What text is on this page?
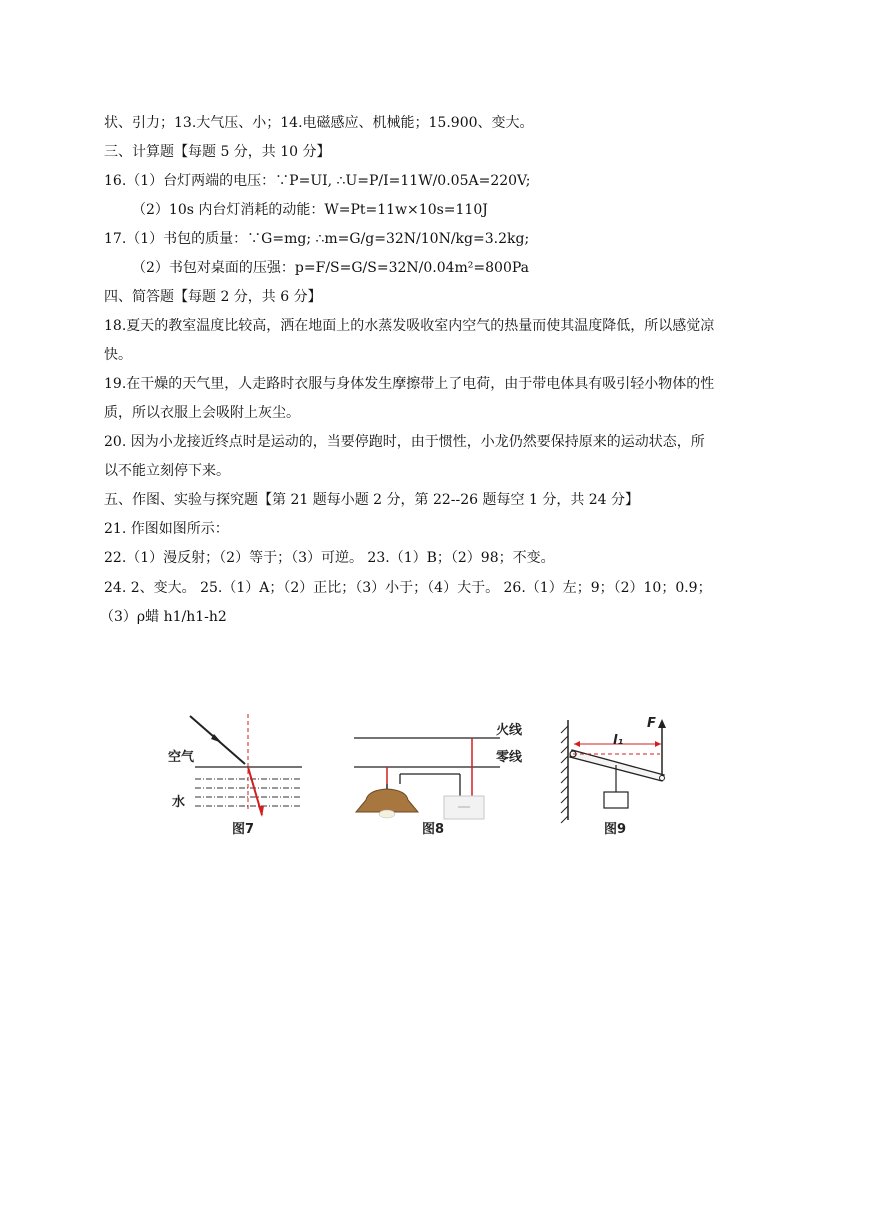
状、引力；13.大气压、小；14.电磁感应、机械能；15.900、变大。
三、计算题【每题 5 分，共 10 分】
16.（1）台灯两端的电压：∵P=UI, ∴U=P/I=11W/0.05A=220V;
（2）10s 内台灯消耗的动能：W=Pt=11w×10s=110J
17.（1）书包的质量：∵G=mg; ∴m=G/g=32N/10N/kg=3.2kg;
（2）书包对桌面的压强：p=F/S=G/S=32N/0.04m²=800Pa
四、简答题【每题 2 分，共 6 分】
18.夏天的教室温度比较高，洒在地面上的水蒸发吸收室内空气的热量而使其温度降低，所以感觉凉
快。
19.在干燥的天气里，人走路时衣服与身体发生摩擦带上了电荷，由于带电体具有吸引轻小物体的性
质，所以衣服上会吸附上灰尘。
20. 因为小龙接近终点时是运动的，当要停跑时，由于惯性，小龙仍然要保持原来的运动状态，所
以不能立刻停下来。
五、作图、实验与探究题【第 21 题每小题 2 分，第 22--26 题每空 1 分，共 24 分】
21. 作图如图所示：
22.（1）漫反射；（2）等于；（3）可逆。 23.（1）B；（2）98；不变。
24. 2、变大。 25.（1）A；（2）正比；（3）小于；（4）大于。 26.（1）左；9；（2）10；0.9；
（3）ρ蜡 h1/h1-h2
空气
水
图7
火线
零线
图8
F
l₁
图9
